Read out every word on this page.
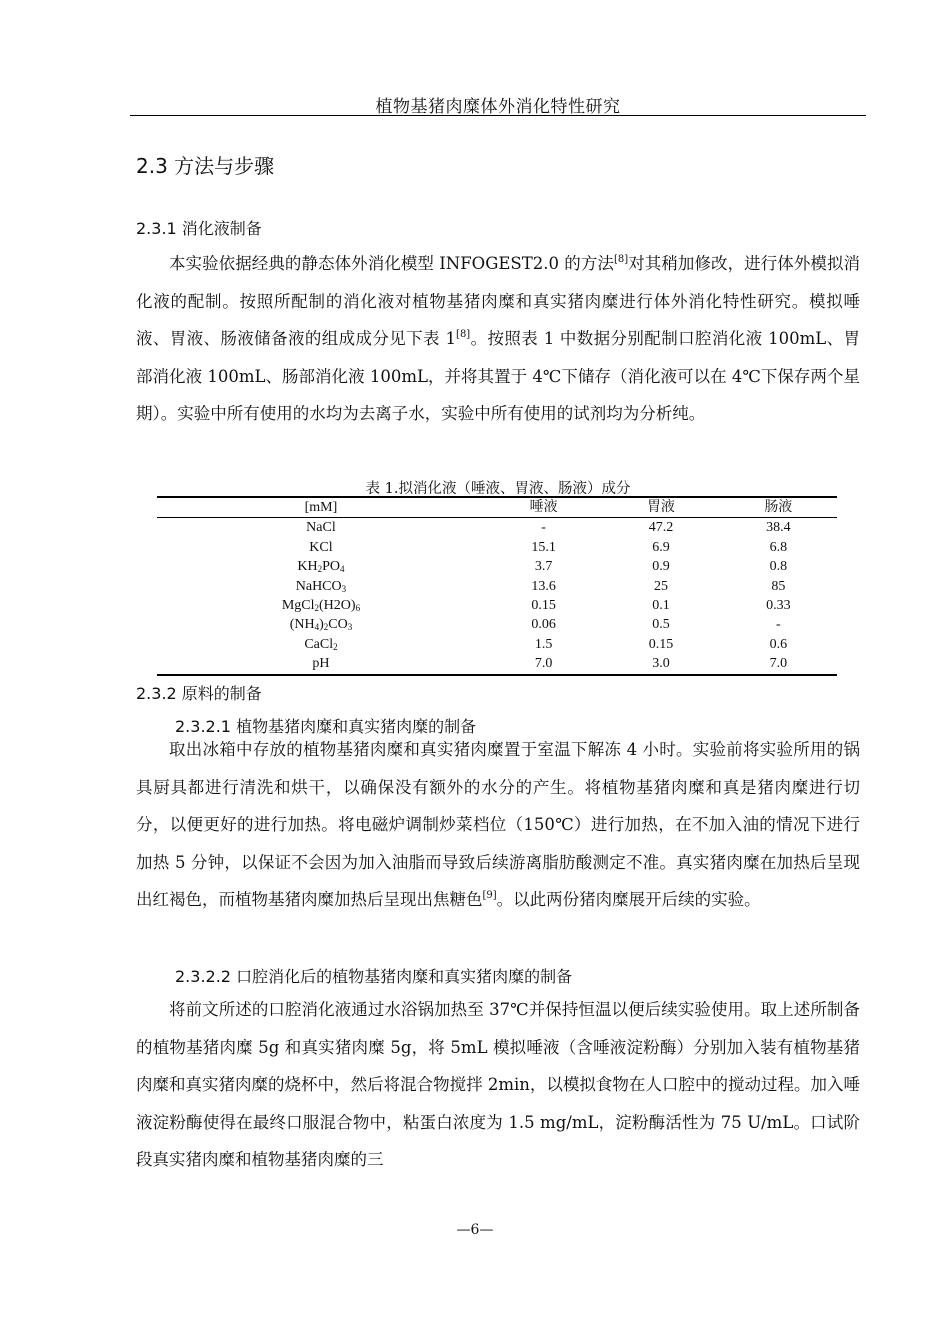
植物基猪肉糜体外消化特性研究
2.3 方法与步骤
2.3.1 消化液制备

本实验依据经典的静态体外消化模型 INFOGEST2.0 的方法[8]对其稍加修改，进行体外模拟消化液的配制。按照所配制的消化液对植物基猪肉糜和真实猪肉糜进行体外消化特性研究。模拟唾液、胃液、肠液储备液的组成成分见下表 1[8]。按照表 1 中数据分别配制口腔消化液 100mL、胃部消化液 100mL、肠部消化液 100mL，并将其置于 4℃下储存（消化液可以在 4℃下保存两个星期）。实验中所有使用的水均为去离子水，实验中所有使用的试剂均为分析纯。

表 1.拟消化液（唾液、胃液、肠液）成分
[mM]	唾液	胃液	肠液
NaCl	-	47.2	38.4
KCl	15.1	6.9	6.8
$KH_2PO_4$	3.7	0.9	0.8
NaHCO$_3$	13.6	25	85
$MgCl_2(H2O)_6$	0.15	0.1	0.33
$(NH_4)_2CO_3$	0.06	0.5	-
CaCl$_2$	1.5	0.15	0.6
pH	7.0	3.0	7.0
2.3.2 原料的制备
2.3.2.1 植物基猪肉糜和真实猪肉糜的制备

取出冰箱中存放的植物基猪肉糜和真实猪肉糜置于室温下解冻 4 小时。实验前将实验所用的锅具厨具都进行清洗和烘干，以确保没有额外的水分的产生。将植物基猪肉糜和真是猪肉糜进行切分，以便更好的进行加热。将电磁炉调制炒菜档位（150℃）进行加热，在不加入油的情况下进行加热 5 分钟，以保证不会因为加入油脂而导致后续游离脂肪酸测定不准。真实猪肉糜在加热后呈现出红褐色，而植物基猪肉糜加热后呈现出焦糖色[9]。以此两份猪肉糜展开后续的实验。

2.3.2.2 口腔消化后的植物基猪肉糜和真实猪肉糜的制备

将前文所述的口腔消化液通过水浴锅加热至 37℃并保持恒温以便后续实验使用。取上述所制备的植物基猪肉糜 5g 和真实猪肉糜 5g，将 5mL 模拟唾液（含唾液淀粉酶）分别加入装有植物基猪肉糜和真实猪肉糜的烧杯中，然后将混合物搅拌 2min，以模拟食物在人口腔中的搅动过程。加入唾液淀粉酶使得在最终口服混合物中，粘蛋白浓度为 1.5 mg/mL，淀粉酶活性为 75 U/mL。口试阶段真实猪肉糜和植物基猪肉糜的三

—6—
